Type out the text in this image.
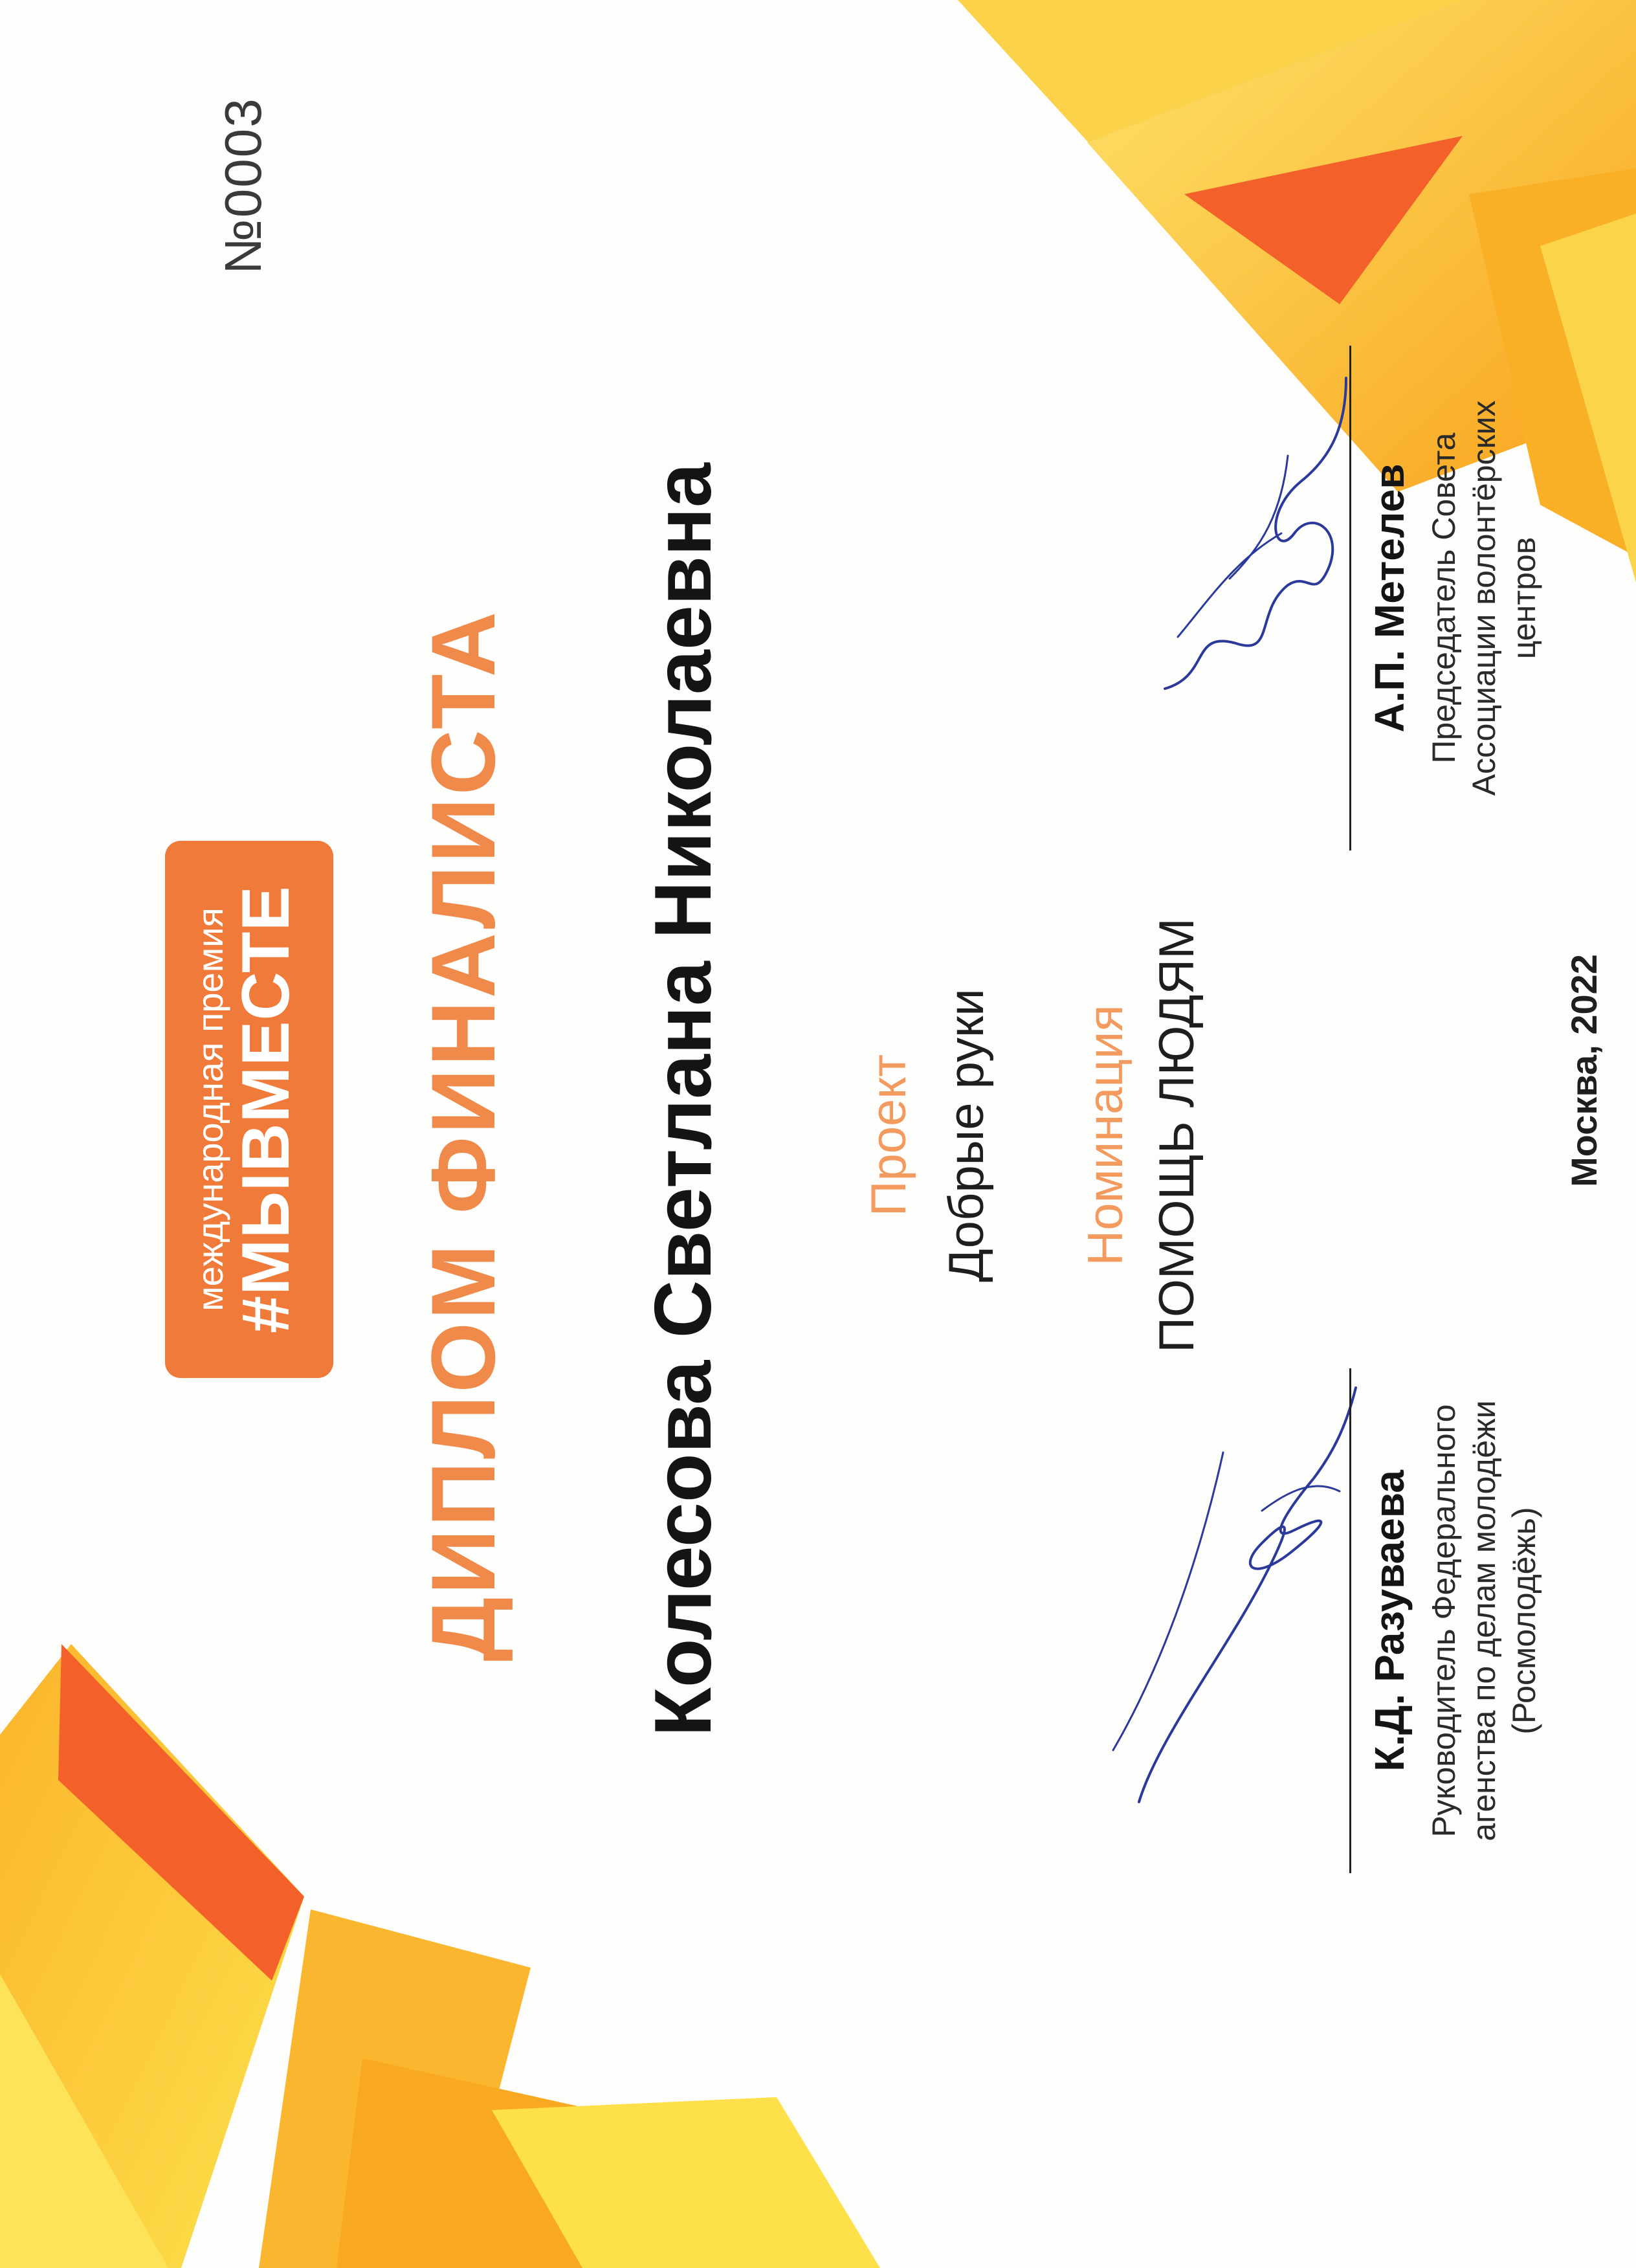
№0003
международная премия
#МЫВМЕСТЕ ДИПЛОМ ФИНАЛИСТА Колесова Светлана Николаевна	Проект Добрые руки Номинация ПОМОЩЬ ЛЮДЯМ
К.Д. Разуваева Руководитель Федерального агенства по делам молодёжи (Росмолодёжь)
А.П. Метелев Председатель Совета Ассоциации волонтёрских центров
Москва, 2022
